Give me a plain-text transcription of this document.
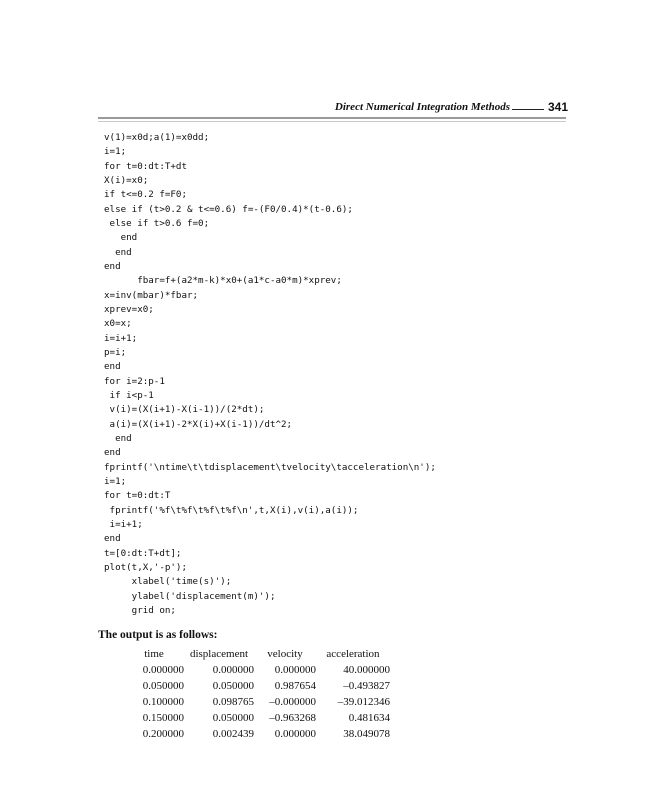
Direct Numerical Integration Methods	341
v(1)=x0d;a(1)=x0dd;
i=1;
for t=0:dt:T+dt
X(i)=x0;
if t<=0.2 f=F0;
else if (t>0.2 & t<=0.6) f=-(F0/0.4)*(t-0.6);
else if t>0.6 f=0;
end
end
end
fbar=f+(a2*m-k)*x0+(a1*c-a0*m)*xprev;
x=inv(mbar)*fbar;
xprev=x0;
x0=x;
i=i+1;
p=i;
end
for i=2:p-1
if i<p-1
v(i)=(X(i+1)-X(i-1))/(2*dt);
a(i)=(X(i+1)-2*X(i)+X(i-1))/dt^2;
end
end
fprintf('\ntime\t\tdisplacement\tvelocity\tacceleration\n');
i=1;
for t=0:dt:T
fprintf('%f\t%f\t%f\t%f\n',t,X(i),v(i),a(i));
i=i+1;
end
t=[0:dt:T+dt];
plot(t,X,'-p');
xlabel('time(s)');
ylabel('displacement(m)');
grid on;
The output is as follows:
time	displacement	velocity	acceleration
0.000000	0.000000	0.000000	40.000000
0.050000	0.050000	0.987654	–0.493827
0.100000	0.098765	–0.000000	–39.012346
0.150000	0.050000	–0.963268	0.481634
0.200000	0.002439	0.000000	38.049078
